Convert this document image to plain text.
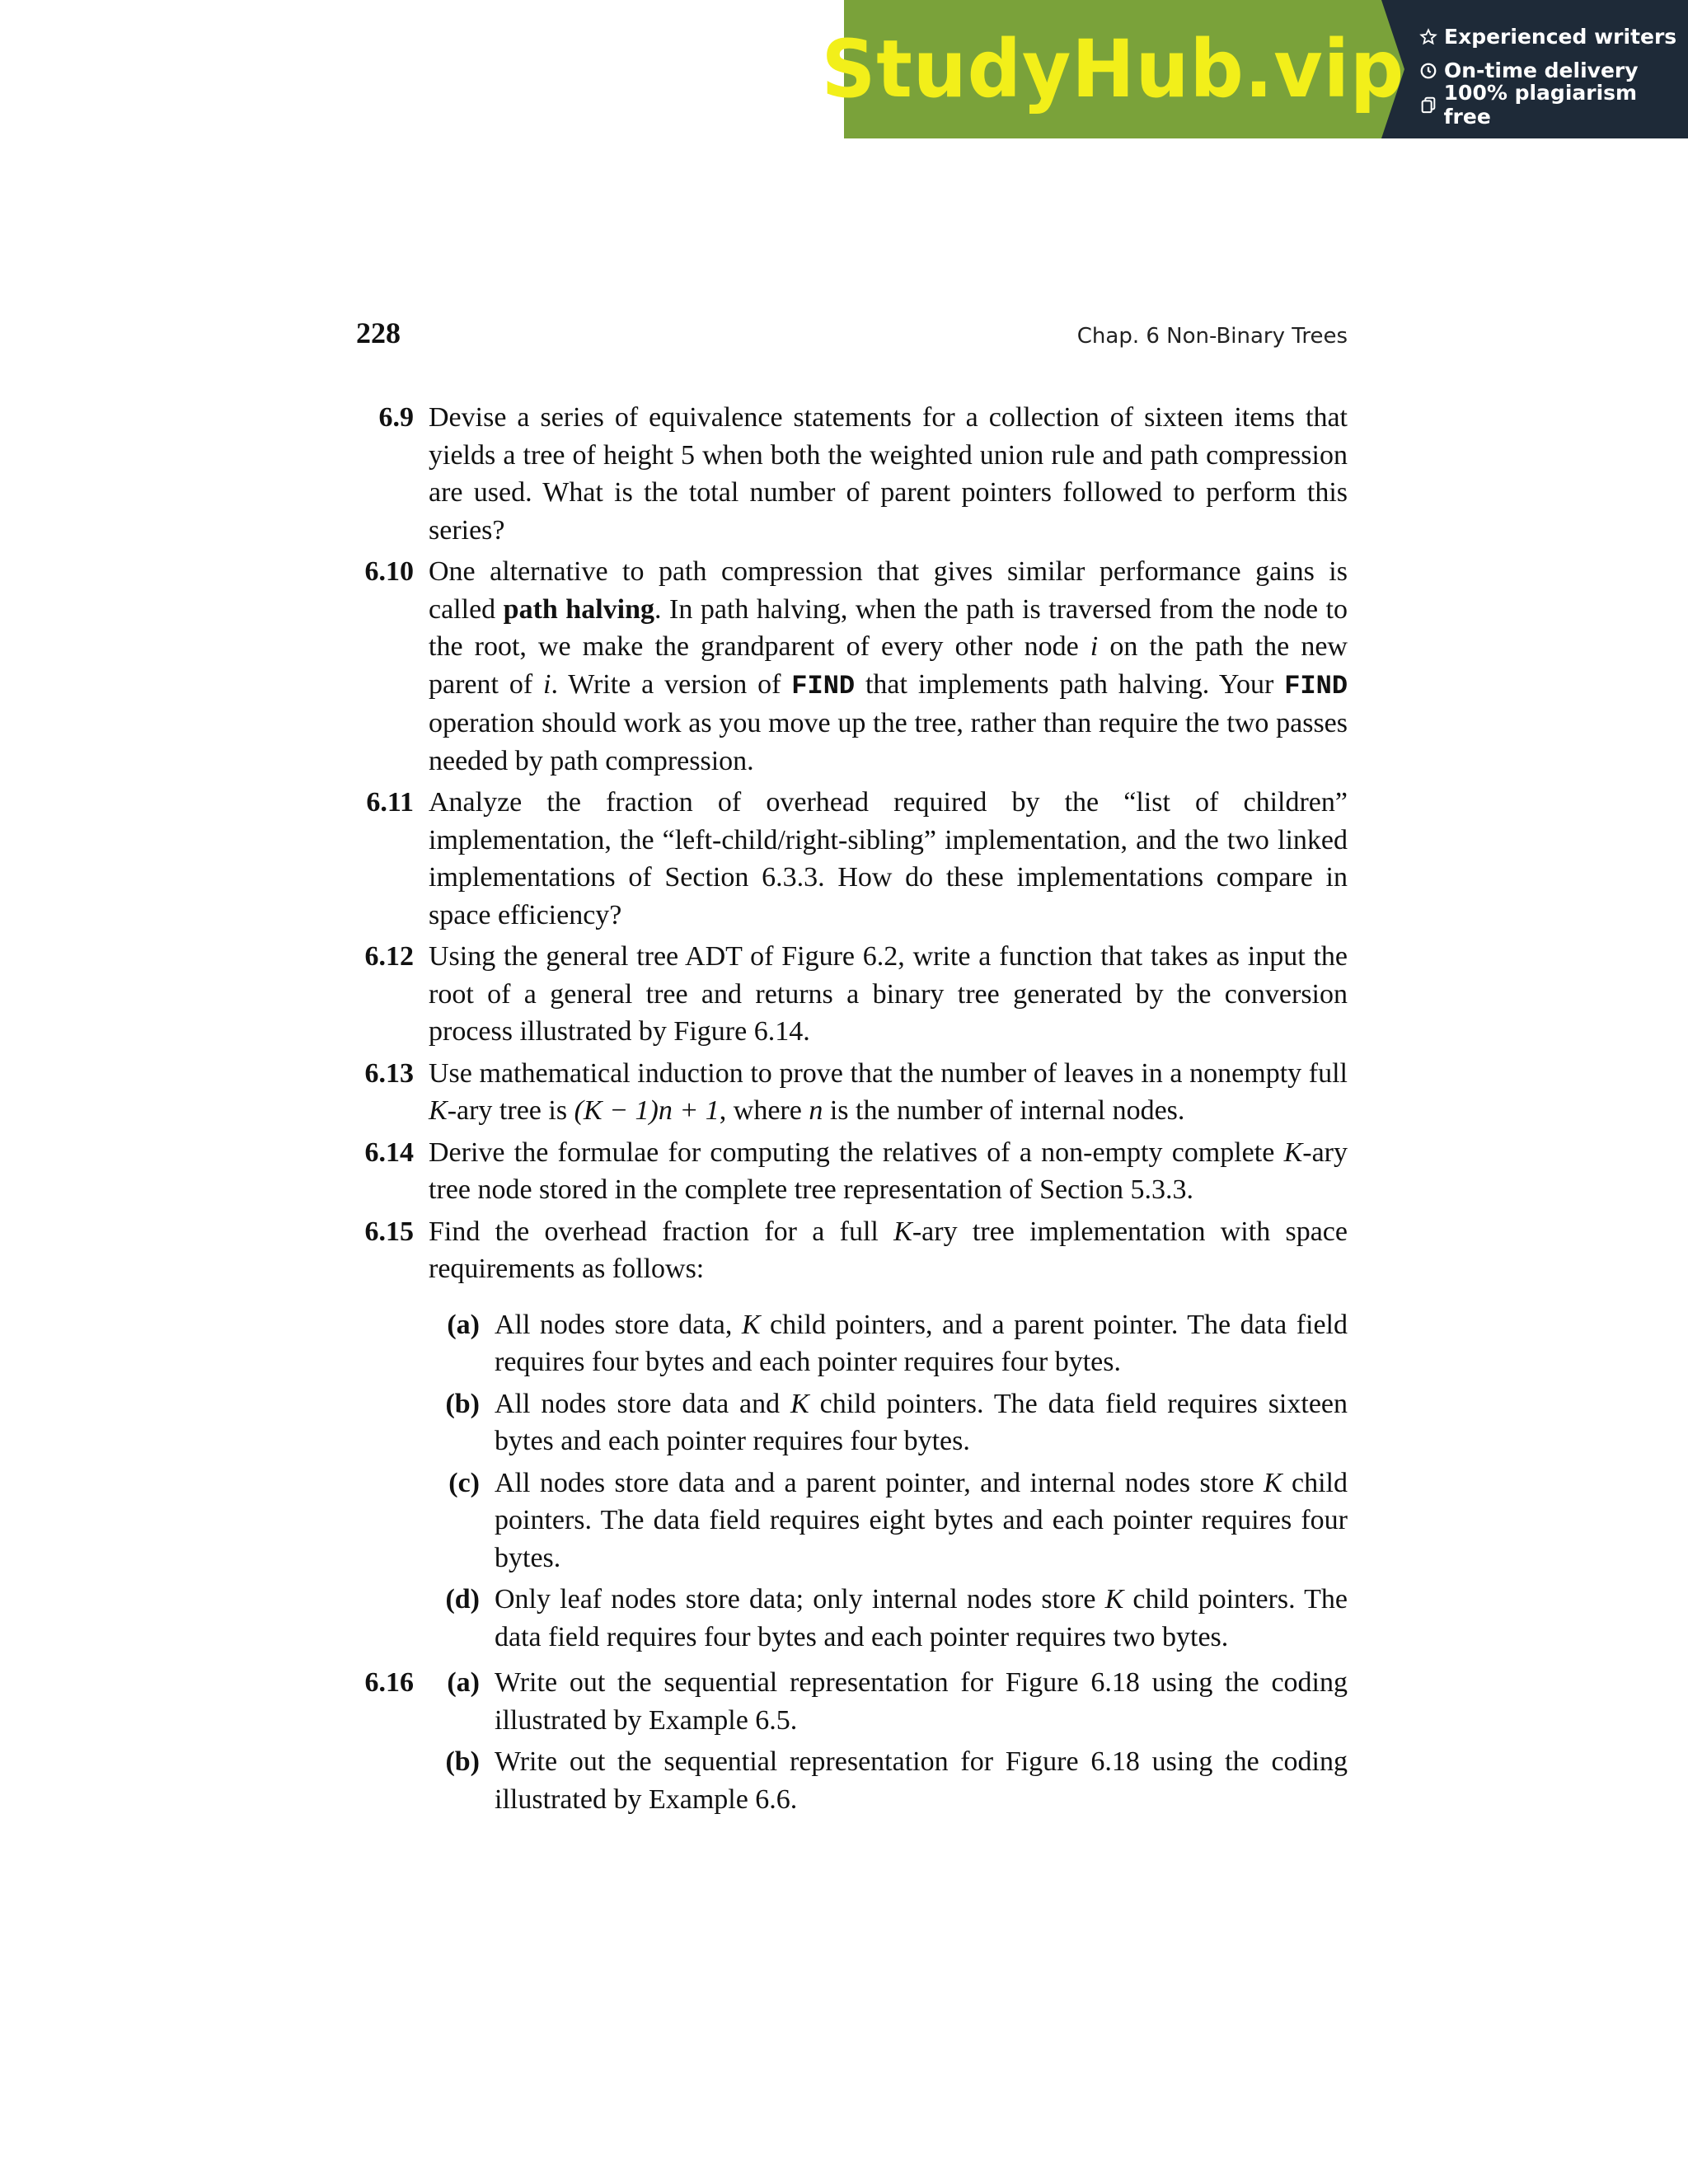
StudyHub.vip Experienced writers
On-time delivery
100% plagiarism free
228	Chap. 6 Non-Binary Trees
6.9 Devise a series of equivalence statements for a collection of sixteen items that yields a tree of height 5 when both the weighted union rule and path compression are used. What is the total number of parent pointers followed to perform this series?

6.10 One alternative to path compression that gives similar performance gains is called path halving. In path halving, when the path is traversed from the node to the root, we make the grandparent of every other node i on the path the new parent of i. Write a version of FIND that implements path halving. Your FIND operation should work as you move up the tree, rather than require the two passes needed by path compression.

6.11 Analyze the fraction of overhead required by the “list of children” implementation, the “left-child/right-sibling” implementation, and the two linked implementations of Section 6.3.3. How do these implementations compare in space efficiency?

6.12 Using the general tree ADT of Figure 6.2, write a function that takes as input the root of a general tree and returns a binary tree generated by the conversion process illustrated by Figure 6.14.

6.13 Use mathematical induction to prove that the number of leaves in a nonempty full K-ary tree is (K − 1)n + 1, where n is the number of internal nodes.

6.14 Derive the formulae for computing the relatives of a non-empty complete K-ary tree node stored in the complete tree representation of Section 5.3.3.

6.15 Find the overhead fraction for a full K-ary tree implementation with space requirements as follows:

(a) All nodes store data, K child pointers, and a parent pointer. The data field requires four bytes and each pointer requires four bytes.
(b) All nodes store data and K child pointers. The data field requires sixteen bytes and each pointer requires four bytes.
(c) All nodes store data and a parent pointer, and internal nodes store K child pointers. The data field requires eight bytes and each pointer requires four bytes.
(d) Only leaf nodes store data; only internal nodes store K child pointers. The data field requires four bytes and each pointer requires two bytes.
6.16	(a) Write out the sequential representation for Figure 6.18 using the coding illustrated by Example 6.5.
(b) Write out the sequential representation for Figure 6.18 using the coding illustrated by Example 6.6.
